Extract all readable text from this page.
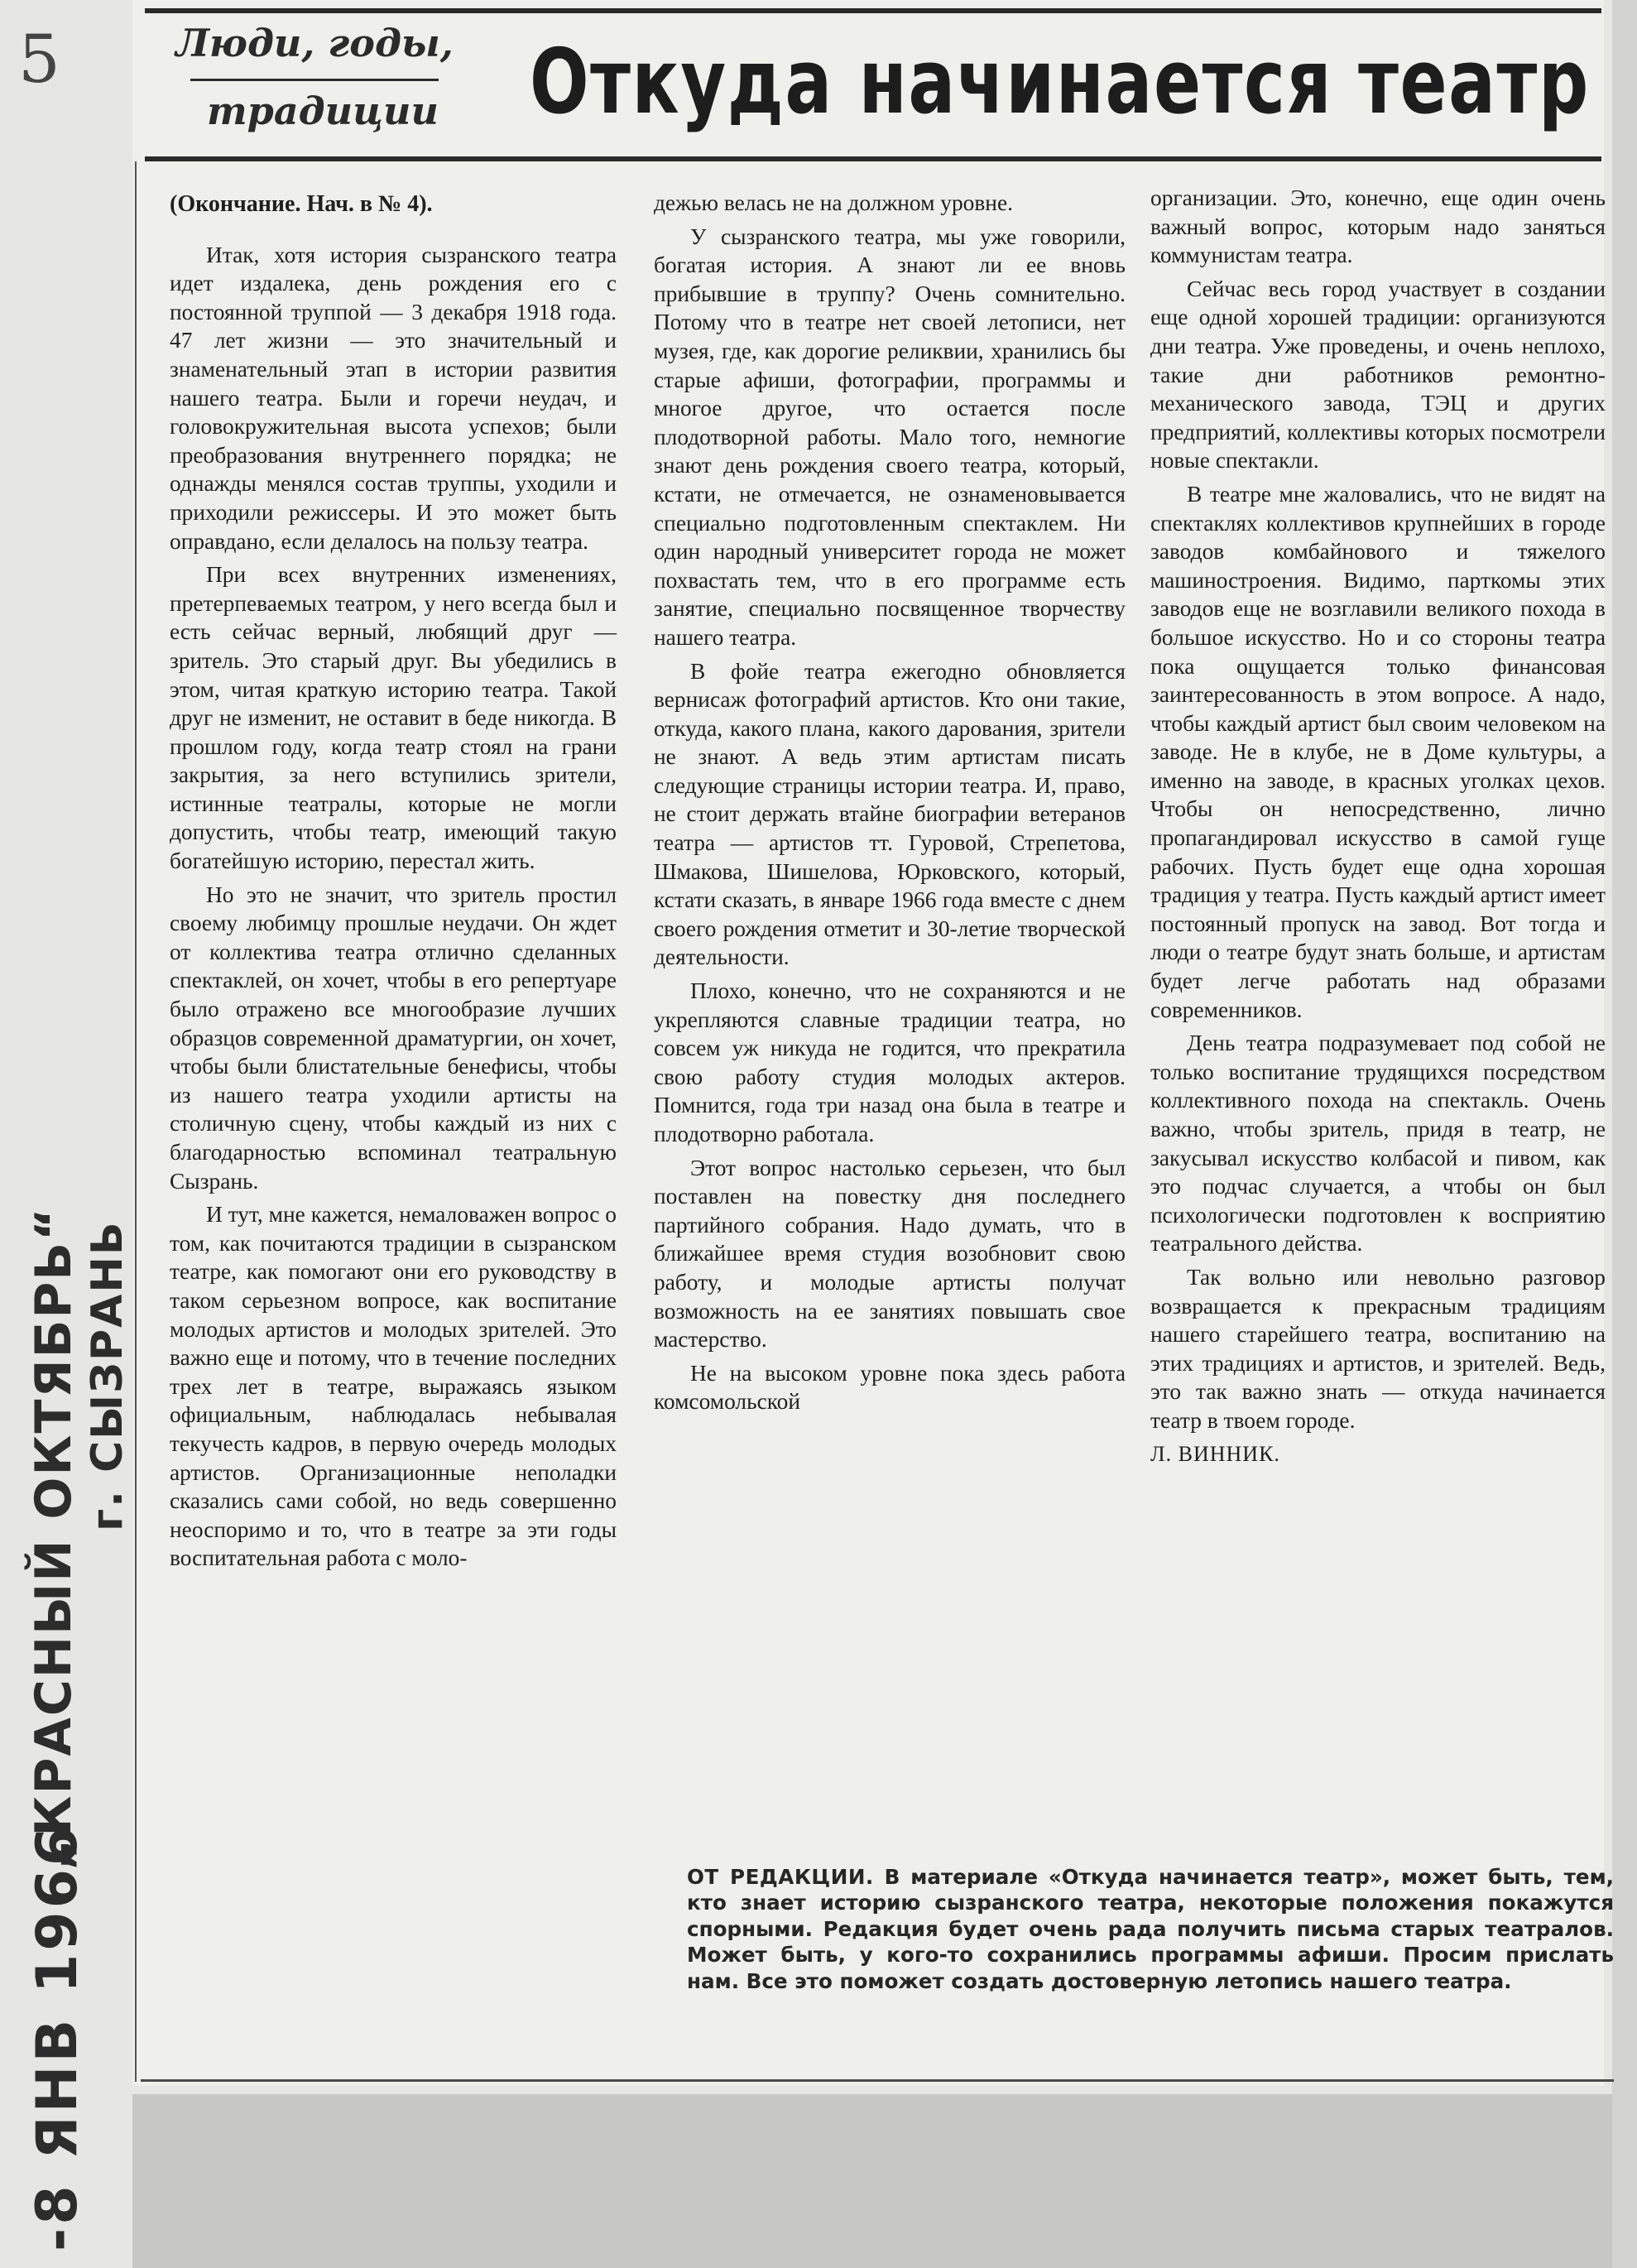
5
-8 ЯНВ 1966
„КРАСНЫЙ ОКТЯБРЬ“ г. СЫЗРАНЬ
Люди, годы,
традиции Откуда начинается театр

(Окончание. Нач. в № 4).

Итак, хотя история сызранского театра идет издалека, день рождения его с постоянной труппой — 3 декабря 1918 года. 47 лет жизни — это значительный и знаменательный этап в истории развития нашего театра. Были и горечи неудач, и головокружительная высота успехов; были преобразования внутреннего порядка; не однажды менялся состав труппы, уходили и приходили режиссеры. И это может быть оправдано, если делалось на пользу театра.

При всех внутренних изменениях, претерпеваемых театром, у него всегда был и есть сейчас верный, любящий друг — зритель. Это старый друг. Вы убедились в этом, читая краткую историю театра. Такой друг не изменит, не оставит в беде никогда. В прошлом году, когда театр стоял на грани закрытия, за него вступились зрители, истинные театралы, которые не могли допустить, чтобы театр, имеющий такую богатейшую историю, перестал жить.

Но это не значит, что зритель простил своему любимцу прошлые неудачи. Он ждет от коллектива театра отлично сделанных спектаклей, он хочет, чтобы в его репертуаре было отражено все многообразие лучших образцов современной драматургии, он хочет, чтобы были блистательные бенефисы, чтобы из нашего театра уходили артисты на столичную сцену, чтобы каждый из них с благодарностью вспоминал театральную Сызрань.

И тут, мне кажется, немаловажен вопрос о том, как почитаются традиции в сызранском театре, как помогают они его руководству в таком серьезном вопросе, как воспитание молодых артистов и молодых зрителей. Это важно еще и потому, что в течение последних трех лет в театре, выражаясь языком официальным, наблюдалась небывалая текучесть кадров, в первую очередь молодых артистов. Организационные неполадки сказались сами собой, но ведь совершенно неоспоримо и то, что в театре за эти годы воспитательная работа с моло-

дежью велась не на должном уровне.

У сызранского театра, мы уже говорили, богатая история. А знают ли ее вновь прибывшие в труппу? Очень сомнительно. Потому что в театре нет своей летописи, нет музея, где, как дорогие реликвии, хранились бы старые афиши, фотографии, программы и многое другое, что остается после плодотворной работы. Мало того, немногие знают день рождения своего театра, который, кстати, не отмечается, не ознаменовывается специально подготовленным спектаклем. Ни один народный университет города не может похвастать тем, что в его программе есть занятие, специально посвященное творчеству нашего театра.

В фойе театра ежегодно обновляется вернисаж фотографий артистов. Кто они такие, откуда, какого плана, какого дарования, зрители не знают. А ведь этим артистам писать следующие страницы истории театра. И, право, не стоит держать втайне биографии ветеранов театра — артистов тт. Гуровой, Стрепетова, Шмакова, Шишелова, Юрковского, который, кстати сказать, в январе 1966 года вместе с днем своего рождения отметит и 30-летие творческой деятельности.

Плохо, конечно, что не сохраняются и не укрепляются славные традиции театра, но совсем уж никуда не годится, что прекратила свою работу студия молодых актеров. Помнится, года три назад она была в театре и плодотворно работала.

Этот вопрос настолько серьезен, что был поставлен на повестку дня последнего партийного собрания. Надо думать, что в ближайшее время студия возобновит свою работу, и молодые артисты получат возможность на ее занятиях повышать свое мастерство.

Не на высоком уровне пока здесь работа комсомольской

организации. Это, конечно, еще один очень важный вопрос, которым надо заняться коммунистам театра.

Сейчас весь город участвует в создании еще одной хорошей традиции: организуются дни театра. Уже проведены, и очень неплохо, такие дни работников ремонтно-механического завода, ТЭЦ и других предприятий, коллективы которых посмотрели новые спектакли.

В театре мне жаловались, что не видят на спектаклях коллективов крупнейших в городе заводов комбайнового и тяжелого машиностроения. Видимо, парткомы этих заводов еще не возглавили великого похода в большое искусство. Но и со стороны театра пока ощущается только финансовая заинтересованность в этом вопросе. А надо, чтобы каждый артист был своим человеком на заводе. Не в клубе, не в Доме культуры, а именно на заводе, в красных уголках цехов. Чтобы он непосредственно, лично пропагандировал искусство в самой гуще рабочих. Пусть будет еще одна хорошая традиция у театра. Пусть каждый артист имеет постоянный пропуск на завод. Вот тогда и люди о театре будут знать больше, и артистам будет легче работать над образами современников.

День театра подразумевает под собой не только воспитание трудящихся посредством коллективного похода на спектакль. Очень важно, чтобы зритель, придя в театр, не закусывал искусство колбасой и пивом, как это подчас случается, а чтобы он был психологически подготовлен к восприятию театрального действа.

Так вольно или невольно разговор возвращается к прекрасным традициям нашего старейшего театра, воспитанию на этих традициях и артистов, и зрителей. Ведь, это так важно знать — откуда начинается театр в твоем городе.

Л. ВИННИК.

ОТ РЕДАКЦИИ. В материале «Откуда начинается театр», может быть, тем, кто знает историю сызранского театра, некоторые положения покажутся спорными. Редакция будет очень рада получить письма старых театралов. Может быть, у кого-то сохранились программы афиши. Просим прислать нам. Все это поможет создать достоверную летопись нашего театра.
